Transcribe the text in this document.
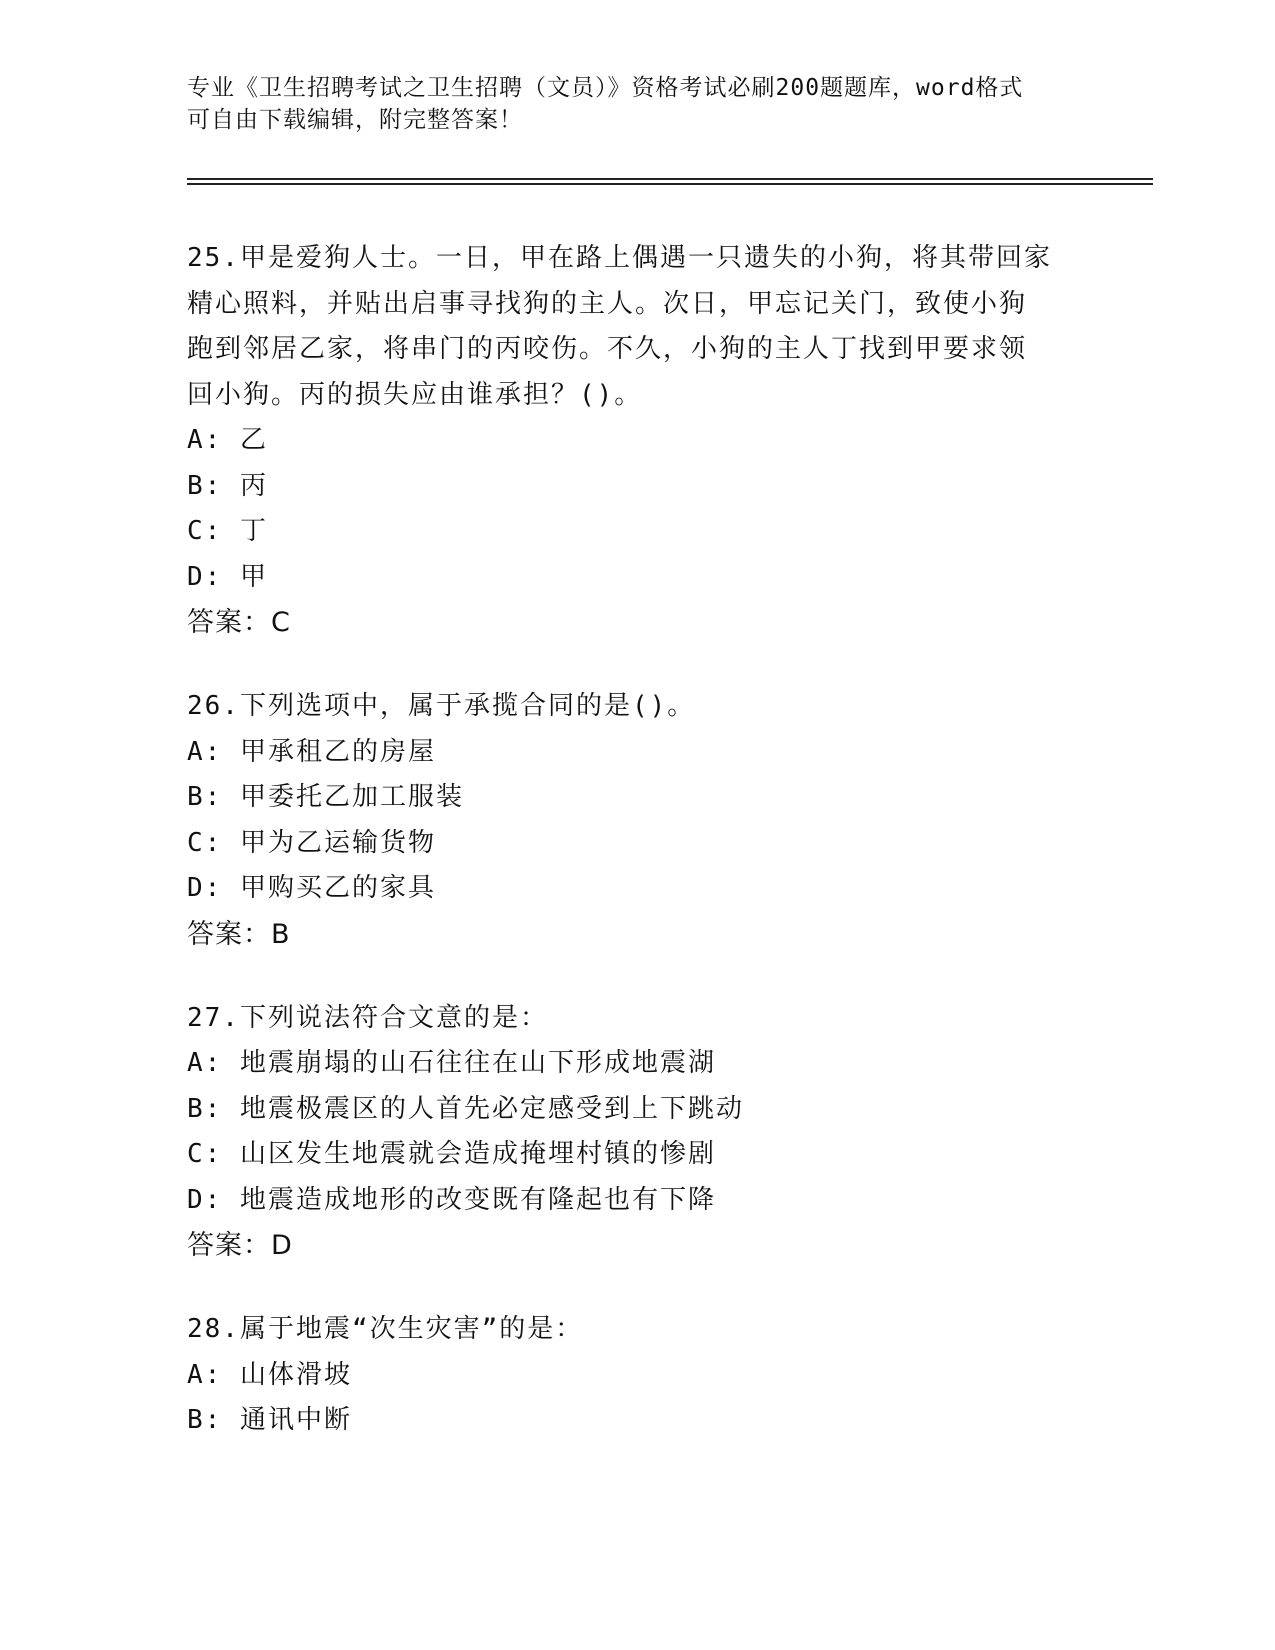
专业《卫生招聘考试之卫生招聘（文员）》资格考试必刷200题题库，word格式
可自由下载编辑，附完整答案！
25.甲是爱狗人士。一日，甲在路上偶遇一只遗失的小狗，将其带回家
精心照料，并贴出启事寻找狗的主人。次日，甲忘记关门，致使小狗
跑到邻居乙家，将串门的丙咬伤。不久，小狗的主人丁找到甲要求领
回小狗。丙的损失应由谁承担？()。
A: 乙
B: 丙
C: 丁
D: 甲
答案：C
26.下列选项中，属于承揽合同的是()。
A: 甲承租乙的房屋
B: 甲委托乙加工服装
C: 甲为乙运输货物
D: 甲购买乙的家具
答案：B
27.下列说法符合文意的是：
A: 地震崩塌的山石往往在山下形成地震湖
B: 地震极震区的人首先必定感受到上下跳动
C: 山区发生地震就会造成掩埋村镇的惨剧
D: 地震造成地形的改变既有隆起也有下降
答案：D
28.属于地震“次生灾害”的是：
A: 山体滑坡
B: 通讯中断
